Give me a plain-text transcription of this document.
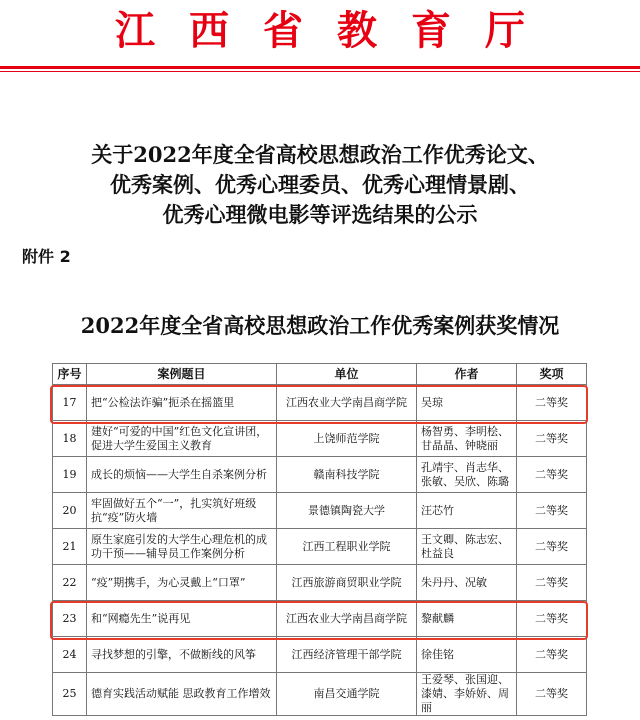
江 西 省 教 育 厅
关于2022年度全省高校思想政治工作优秀论文、
优秀案例、优秀心理委员、优秀心理情景剧、
优秀心理微电影等评选结果的公示
附件 2
2022年度全省高校思想政治工作优秀案例获奖情况
序号	案例题目	单位	作者	奖项
17	把“公检法诈骗”扼杀在摇篮里	江西农业大学南昌商学院	吴琼	二等奖
18	建好“可爱的中国”红色文化宣讲团，促进大学生爱国主义教育	上饶师范学院	杨智勇、李明桧、甘晶晶、钟晓丽	二等奖
19	成长的烦恼——大学生自杀案例分析	赣南科技学院	孔靖宇、肖志华、张敏、吴欣、陈璐	二等奖
20	牢固做好五个“一”，扎实筑好班级抗“疫”防火墙	景德镇陶瓷大学	汪芯竹	二等奖
21	原生家庭引发的大学生心理危机的成功干预——辅导员工作案例分析	江西工程职业学院	王文卿、陈志宏、杜益良	二等奖
22	“疫”期携手，为心灵戴上“口罩”	江西旅游商贸职业学院	朱丹丹、况敏	二等奖
23	和“网瘾先生”说再见	江西农业大学南昌商学院	黎献麟	二等奖
24	寻找梦想的引擎，不做断线的风筝	江西经济管理干部学院	徐佳铭	二等奖
25	德育实践活动赋能 思政教育工作增效	南昌交通学院	王爱琴、张国迎、漆婧、李娇娇、周丽	二等奖
